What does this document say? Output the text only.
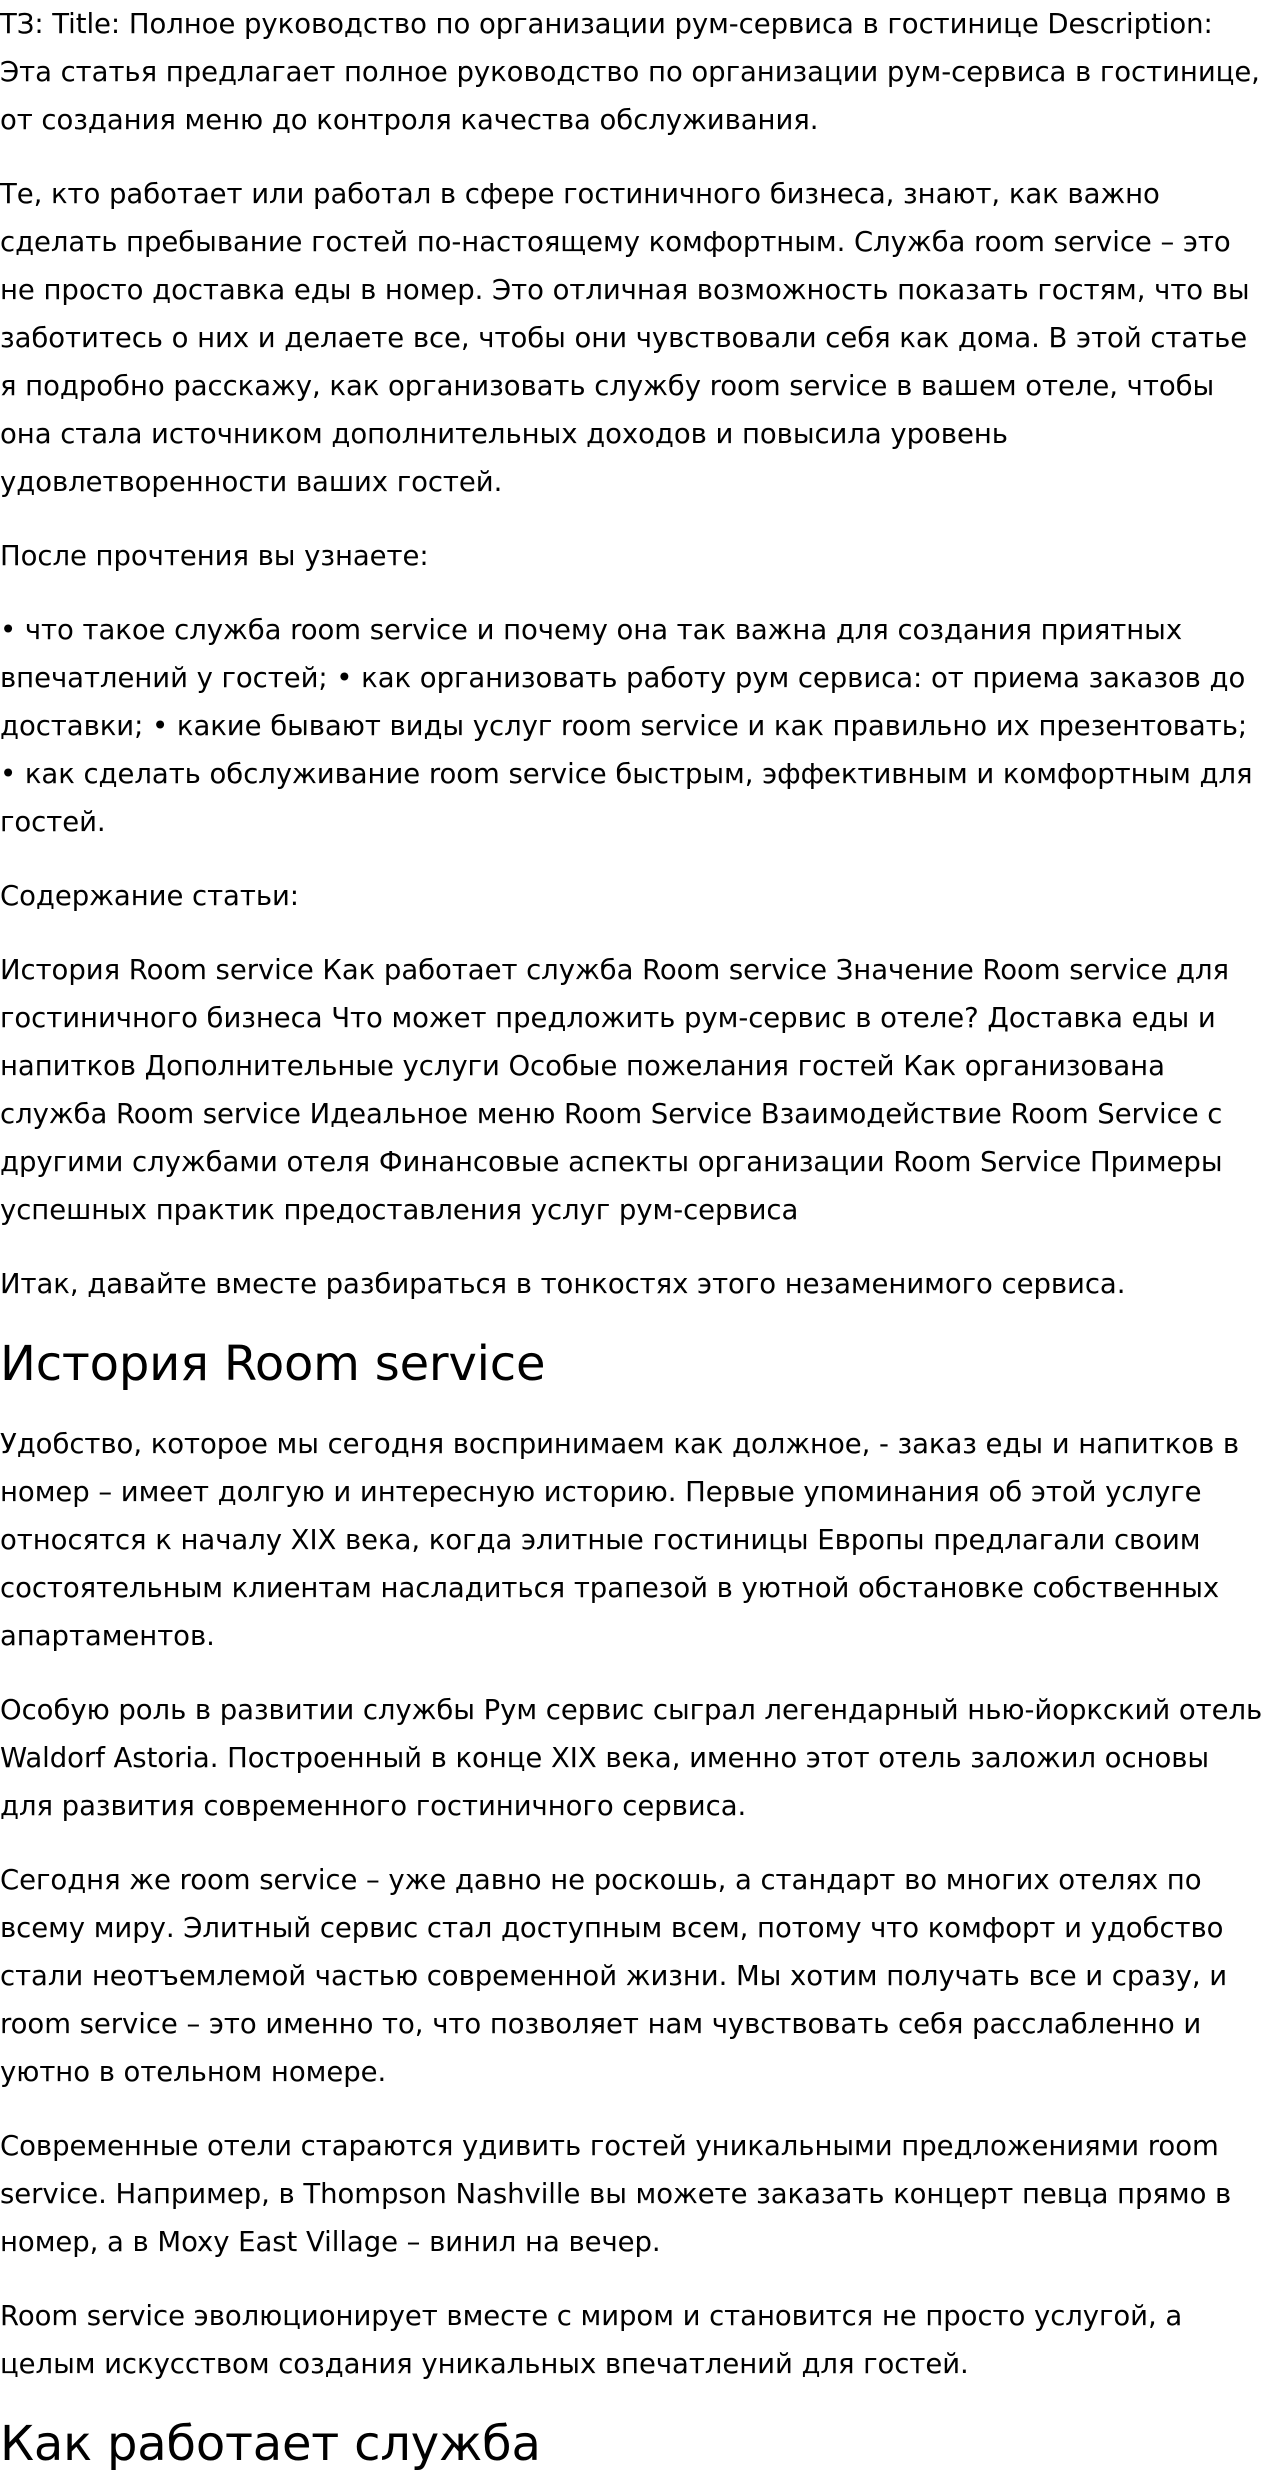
ТЗ: Title: Полное руководство по организации рум-сервиса в гостинице Description: Эта статья предлагает полное руководство по организации рум-сервиса в гостинице, от создания меню до контроля качества обслуживания.

Те, кто работает или работал в сфере гостиничного бизнеса, знают, как важно сделать пребывание гостей по-настоящему комфортным. Служба room service – это не просто доставка еды в номер. Это отличная возможность показать гостям, что вы заботитесь о них и делаете все, чтобы они чувствовали себя как дома. В этой статье я подробно расскажу, как организовать службу room service в вашем отеле, чтобы она стала источником дополнительных доходов и повысила уровень удовлетворенности ваших гостей.

После прочтения вы узнаете:

• что такое служба room service и почему она так важна для создания приятных впечатлений у гостей; • как организовать работу рум сервиса: от приема заказов до доставки; • какие бывают виды услуг room service и как правильно их презентовать; • как сделать обслуживание room service быстрым, эффективным и комфортным для гостей.

Содержание статьи:

История Room service Как работает служба Room service Значение Room service для гостиничного бизнеса Что может предложить рум-сервис в отеле? Доставка еды и напитков Дополнительные услуги Особые пожелания гостей Как организована служба Room service Идеальное меню Room Service Взаимодействие Room Service с другими службами отеля Финансовые аспекты организации Room Service Примеры успешных практик предоставления услуг рум-сервиса

Итак, давайте вместе разбираться в тонкостях этого незаменимого сервиса.

История Room service

Удобство, которое мы сегодня воспринимаем как должное, - заказ еды и напитков в номер – имеет долгую и интересную историю. Первые упоминания об этой услуге относятся к началу XIX века, когда элитные гостиницы Европы предлагали своим состоятельным клиентам насладиться трапезой в уютной обстановке собственных апартаментов.

Особую роль в развитии службы Рум сервис сыграл легендарный нью-йоркский отель Waldorf Astoria. Построенный в конце XIX века, именно этот отель заложил основы для развития современного гостиничного сервиса.

Сегодня же room service – уже давно не роскошь, а стандарт во многих отелях по всему миру. Элитный сервис стал доступным всем, потому что комфорт и удобство стали неотъемлемой частью современной жизни. Мы хотим получать все и сразу, и room service – это именно то, что позволяет нам чувствовать себя расслабленно и уютно в отельном номере.

Современные отели стараются удивить гостей уникальными предложениями room service. Например, в Thompson Nashville вы можете заказать концерт певца прямо в номер, а в Moxy East Village – винил на вечер.

Room service эволюционирует вместе с миром и становится не просто услугой, а целым искусством создания уникальных впечатлений для гостей.

Как работает служба
